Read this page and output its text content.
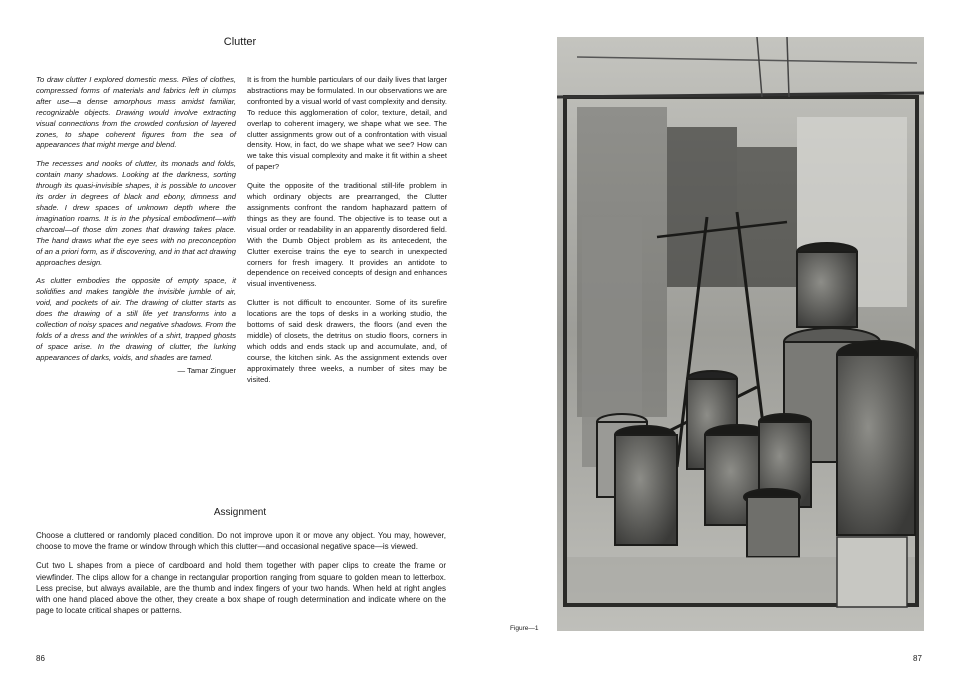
Clutter

To draw clutter I explored domestic mess. Piles of clothes, compressed forms of materials and fabrics left in clumps after use—a dense amorphous mass amidst familiar, recognizable objects. Drawing would involve extracting visual connections from the crowded confusion of layered zones, to shape coherent figures from the sea of appearances that might merge and blend.

The recesses and nooks of clutter, its monads and folds, contain many shadows. Looking at the darkness, sorting through its quasi-invisible shapes, it is possible to uncover its order in degrees of black and ebony, dimness and shade. I drew spaces of unknown depth where the imagination roams. It is in the physical embodiment—with charcoal—of those dim zones that drawing takes place. The hand draws what the eye sees with no preconception of an a priori form, as if discovering, and in that act drawing approaches design.

As clutter embodies the opposite of empty space, it solidifies and makes tangible the invisible jumble of air, void, and pockets of air. The drawing of clutter starts as does the drawing of a still life yet transforms into a collection of noisy spaces and negative shadows. From the folds of a dress and the wrinkles of a shirt, trapped ghosts of space arise. In the drawing of clutter, the lurking appearances of darks, voids, and shades are tamed.

— Tamar Zinguer

It is from the humble particulars of our daily lives that larger abstractions may be formulated. In our observations we are confronted by a visual world of vast complexity and density. To reduce this agglomeration of color, texture, detail, and overlap to coherent imagery, we shape what we see. The clutter assignments grow out of a confrontation with visual density. How, in fact, do we shape what we see? How can we take this visual complexity and make it fit within a sheet of paper?

Quite the opposite of the traditional still-life problem in which ordinary objects are prearranged, the Clutter assignments confront the random haphazard pattern of things as they are found. The objective is to tease out a visual order or readability in an apparently disordered field. With the Dumb Object problem as its antecedent, the Clutter exercise trains the eye to search in unexpected corners for fresh imagery. It provides an antidote to dependence on received concepts of design and enhances visual inventiveness.

Clutter is not difficult to encounter. Some of its surefire locations are the tops of desks in a working studio, the bottoms of said desk drawers, the floors (and even the middle) of closets, the detritus on studio floors, corners in which odds and ends stack up and accumulate, and, of course, the kitchen sink. As the assignment extends over approximately three weeks, a number of sites may be visited.

Assignment

Choose a cluttered or randomly placed condition. Do not improve upon it or move any object. You may, however, choose to move the frame or window through which this clutter—and occasional negative space—is viewed.

Cut two L shapes from a piece of cardboard and hold them together with paper clips to create the frame or viewfinder. The clips allow for a change in rectangular proportion ranging from square to golden mean to letterbox. Less precise, but always available, are the thumb and index fingers of your two hands. When held at right angles with one hand placed above the other, they create a box shape of rough determination and indicate where on the page to locate critical shapes or patterns.

86	87
Figure—1
